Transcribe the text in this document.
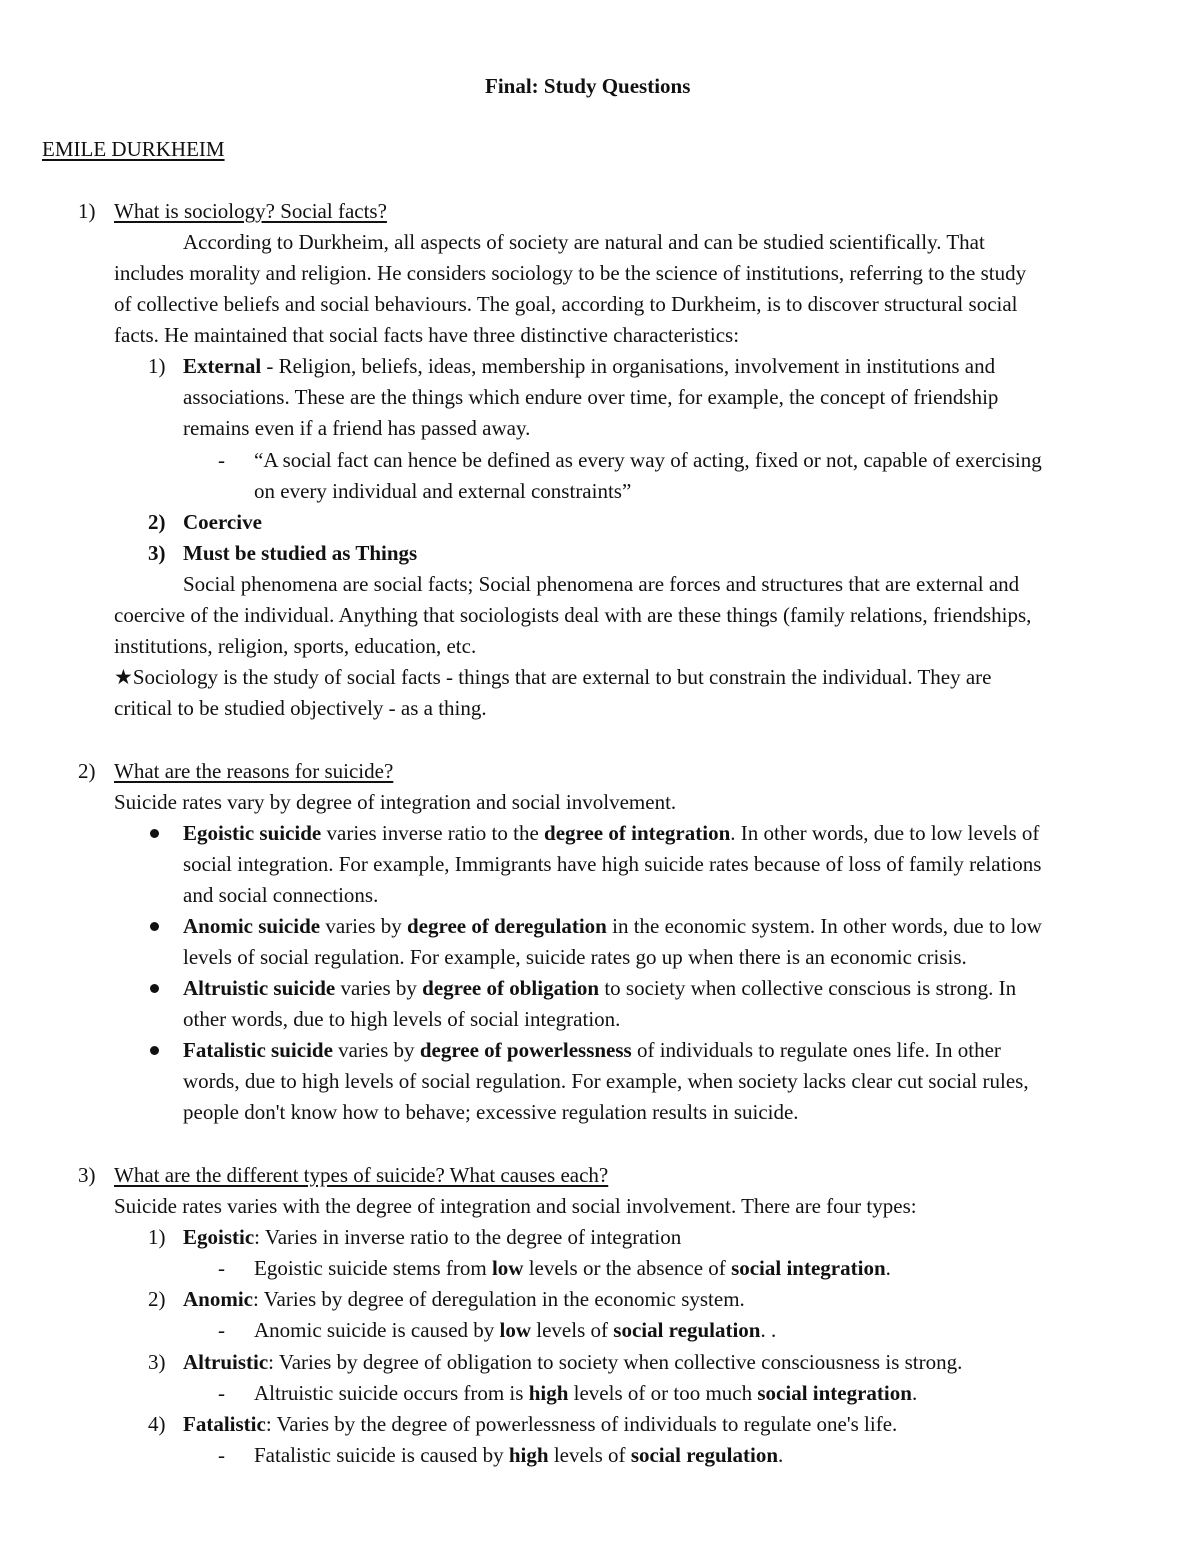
Final: Study Questions
EMILE DURKHEIM
1) What is sociology? Social facts?
According to Durkheim, all aspects of society are natural and can be studied scientifically. That
includes morality and religion. He considers sociology to be the science of institutions, referring to the study
of collective beliefs and social behaviours. The goal, according to Durkheim, is to discover structural social
facts. He maintained that social facts have three distinctive characteristics:
1) External - Religion, beliefs, ideas, membership in organisations, involvement in institutions and
associations. These are the things which endure over time, for example, the concept of friendship
remains even if a friend has passed away.
- “A social fact can hence be defined as every way of acting, fixed or not, capable of exercising
on every individual and external constraints”
2) Coercive
3) Must be studied as Things
Social phenomena are social facts; Social phenomena are forces and structures that are external and
coercive of the individual. Anything that sociologists deal with are these things (family relations, friendships,
institutions, religion, sports, education, etc.
★Sociology is the study of social facts - things that are external to but constrain the individual. They are
critical to be studied objectively - as a thing.
2) What are the reasons for suicide?
Suicide rates vary by degree of integration and social involvement.
Egoistic suicide varies inverse ratio to the degree of integration. In other words, due to low levels of
social integration. For example, Immigrants have high suicide rates because of loss of family relations
and social connections.
Anomic suicide varies by degree of deregulation in the economic system. In other words, due to low
levels of social regulation. For example, suicide rates go up when there is an economic crisis.
Altruistic suicide varies by degree of obligation to society when collective conscious is strong. In
other words, due to high levels of social integration.
Fatalistic suicide varies by degree of powerlessness of individuals to regulate ones life. In other
words, due to high levels of social regulation. For example, when society lacks clear cut social rules,
people don't know how to behave; excessive regulation results in suicide.
3) What are the different types of suicide? What causes each?
Suicide rates varies with the degree of integration and social involvement. There are four types:
1) Egoistic: Varies in inverse ratio to the degree of integration
- Egoistic suicide stems from low levels or the absence of social integration.
2) Anomic: Varies by degree of deregulation in the economic system.
- Anomic suicide is caused by low levels of social regulation. .
3) Altruistic: Varies by degree of obligation to society when collective consciousness is strong.
- Altruistic suicide occurs from is high levels of or too much social integration.
4) Fatalistic: Varies by the degree of powerlessness of individuals to regulate one's life.
- Fatalistic suicide is caused by high levels of social regulation.
